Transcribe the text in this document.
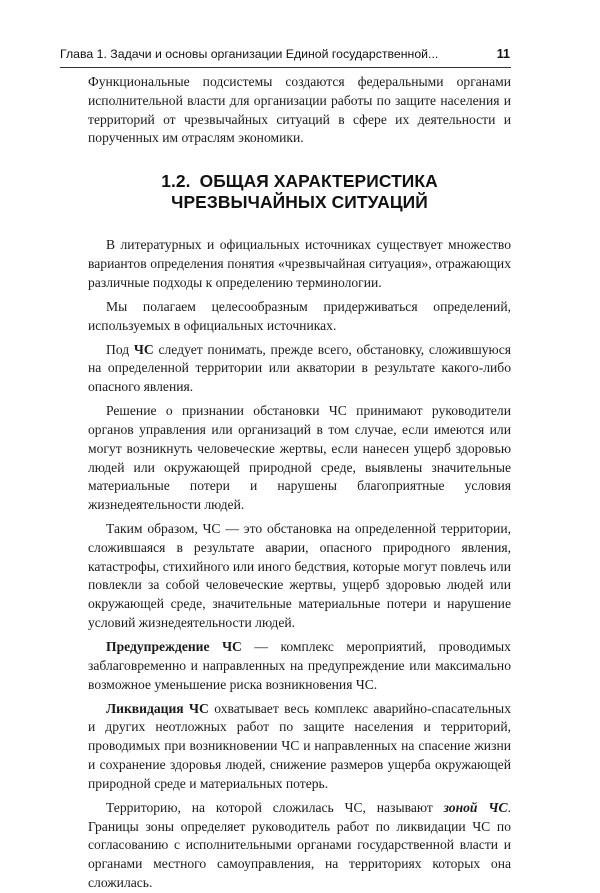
Глава 1. Задачи и основы организации Единой государственной...	11

Функциональные подсистемы создаются федеральными органами исполнительной власти для организации работы по защите населения и территорий от чрезвычайных ситуаций в сфере их деятельности и порученных им отраслям экономики.

1.2. ОБЩАЯ ХАРАКТЕРИСТИКА ЧРЕЗВЫЧАЙНЫХ СИТУАЦИЙ

В литературных и официальных источниках существует множество вариантов определения понятия «чрезвычайная ситуация», отражающих различные подходы к определению терминологии.

Мы полагаем целесообразным придерживаться определений, используемых в официальных источниках.

Под ЧС следует понимать, прежде всего, обстановку, сложившуюся на определенной территории или акватории в результате какого-либо опасного явления.

Решение о признании обстановки ЧС принимают руководители органов управления или организаций в том случае, если имеются или могут возникнуть человеческие жертвы, если нанесен ущерб здоровью людей или окружающей природной среде, выявлены значительные материальные потери и нарушены благоприятные условия жизнедеятельности людей.

Таким образом, ЧС — это обстановка на определенной территории, сложившаяся в результате аварии, опасного природного явления, катастрофы, стихийного или иного бедствия, которые могут повлечь или повлекли за собой человеческие жертвы, ущерб здоровью людей или окружающей среде, значительные материальные потери и нарушение условий жизнедеятельности людей.

Предупреждение ЧС — комплекс мероприятий, проводимых заблаговременно и направленных на предупреждение или максимально возможное уменьшение риска возникновения ЧС.

Ликвидация ЧС охватывает весь комплекс аварийно-спасательных и других неотложных работ по защите населения и территорий, проводимых при возникновении ЧС и направленных на спасение жизни и сохранение здоровья людей, снижение размеров ущерба окружающей природной среде и материальных потерь.

Территорию, на которой сложилась ЧС, называют зоной ЧС. Границы зоны определяет руководитель работ по ликвидации ЧС по согласованию с исполнительными органами государственной власти и органами местного самоуправления, на территориях которых она сложилась.
